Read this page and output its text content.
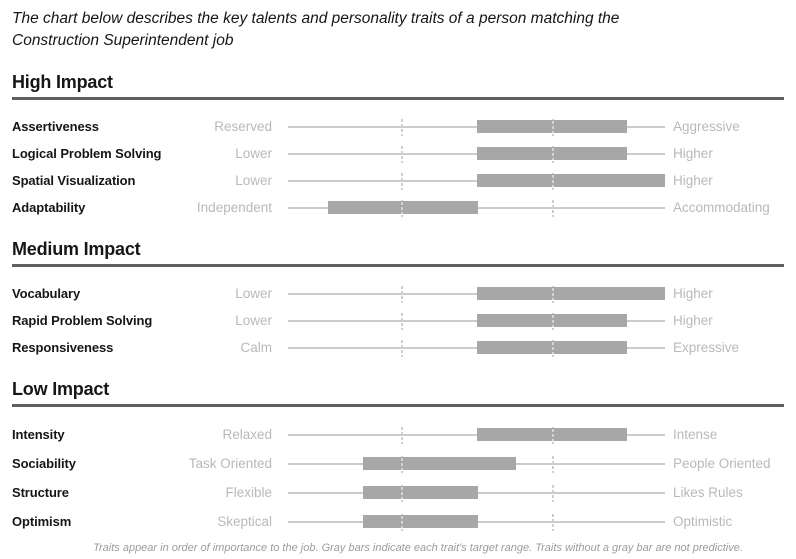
The chart below describes the key talents and personality traits of a person matching the Construction Superintendent job

High Impact
Assertiveness	Reserved	Aggressive
Logical Problem Solving	Lower	Higher
Spatial Visualization	Lower	Higher
Adaptability	Independent	Accommodating
Medium Impact
Vocabulary	Lower	Higher
Rapid Problem Solving	Lower	Higher
Responsiveness	Calm	Expressive
Low Impact
Intensity	Relaxed	Intense
Sociability	Task Oriented	People Oriented
Structure	Flexible	Likes Rules
Optimism	Skeptical	Optimistic

Traits appear in order of importance to the job. Gray bars indicate each trait's target range. Traits without a gray bar are not predictive.
